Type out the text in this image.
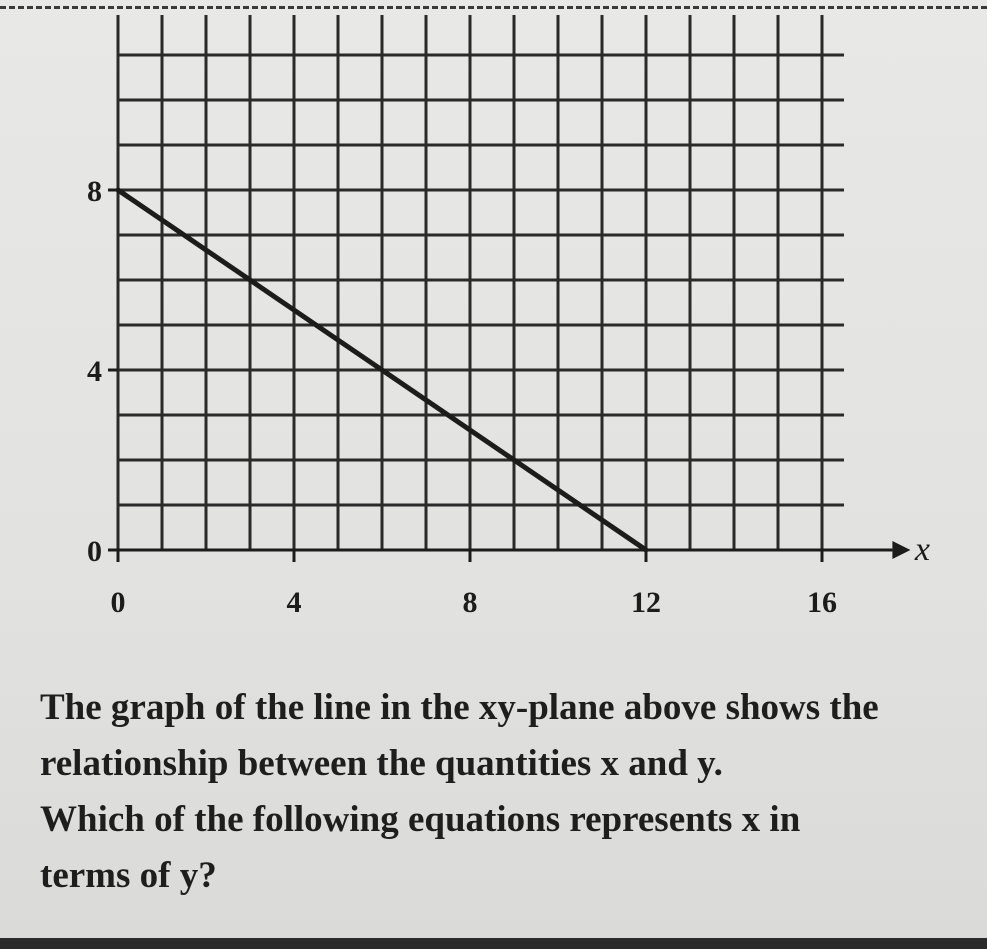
0	4	8	12	16
0
4
8
x

The graph of the line in the xy-plane above shows the

relationship between the quantities x and y.

Which of the following equations represents x in

terms of y?
